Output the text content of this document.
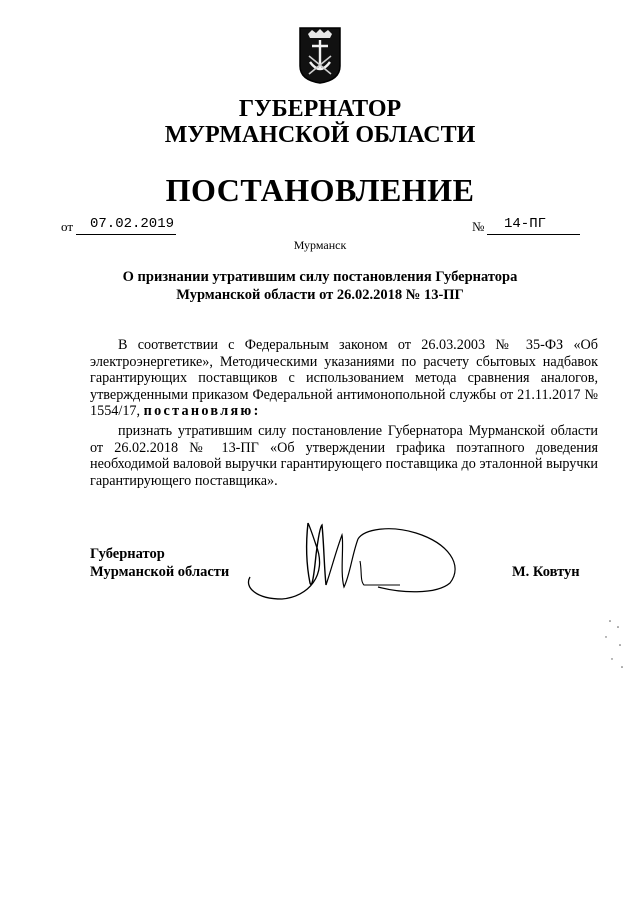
ГУБЕРНАТОР
МУРМАНСКОЙ ОБЛАСТИ
ПОСТАНОВЛЕНИЕ
от 07.02.2019	№ 14-ПГ
Мурманск
О признании утратившим силу постановления Губернатора
Мурманской области от 26.02.2018 № 13-ПГ
В соответствии с Федеральным законом от 26.03.2003 № 35-ФЗ «Об электроэнергетике», Методическими указаниями по расчету сбытовых надбавок гарантирующих поставщиков с использованием метода сравнения аналогов, утвержденными приказом Федеральной антимонопольной службы от 21.11.2017 № 1554/17, постановляю:
признать утратившим силу постановление Губернатора Мурманской области от 26.02.2018 № 13-ПГ «Об утверждении графика поэтапного доведения необходимой валовой выручки гарантирующего поставщика до эталонной выручки гарантирующего поставщика».
Губернатор
Мурманской области	М. Ковтун
